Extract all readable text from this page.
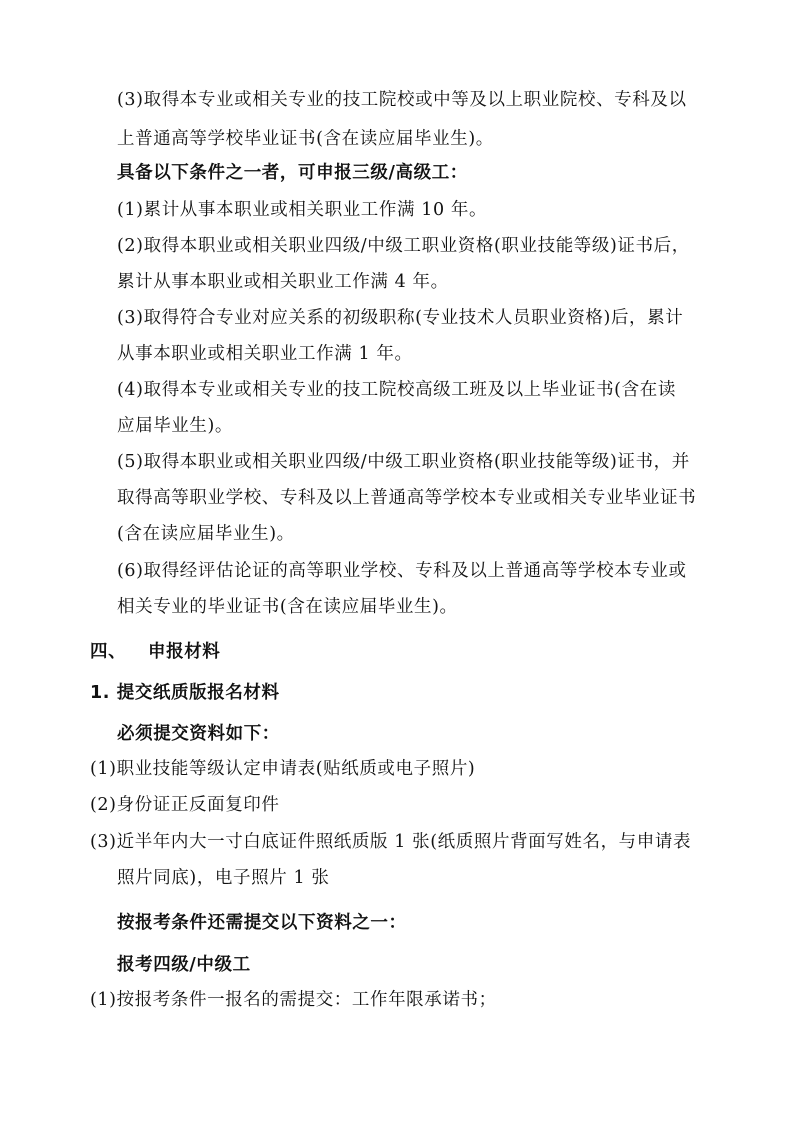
(3)取得本专业或相关专业的技工院校或中等及以上职业院校、专科及以
上普通高等学校毕业证书(含在读应届毕业生)。
具备以下条件之一者，可申报三级/高级工：
(1)累计从事本职业或相关职业工作满 10 年。
(2)取得本职业或相关职业四级/中级工职业资格(职业技能等级)证书后，
累计从事本职业或相关职业工作满 4 年。
(3)取得符合专业对应关系的初级职称(专业技术人员职业资格)后，累计
从事本职业或相关职业工作满 1 年。
(4)取得本专业或相关专业的技工院校高级工班及以上毕业证书(含在读
应届毕业生)。
(5)取得本职业或相关职业四级/中级工职业资格(职业技能等级)证书，并
取得高等职业学校、专科及以上普通高等学校本专业或相关专业毕业证书
(含在读应届毕业生)。
(6)取得经评估论证的高等职业学校、专科及以上普通高等学校本专业或
相关专业的毕业证书(含在读应届毕业生)。
四、 申报材料
1. 提交纸质版报名材料
必须提交资料如下：
(1)职业技能等级认定申请表(贴纸质或电子照片)
(2)身份证正反面复印件
(3)近半年内大一寸白底证件照纸质版 1 张(纸质照片背面写姓名，与申请表
照片同底)，电子照片 1 张
按报考条件还需提交以下资料之一：
报考四级/中级工
(1)按报考条件一报名的需提交：工作年限承诺书；
